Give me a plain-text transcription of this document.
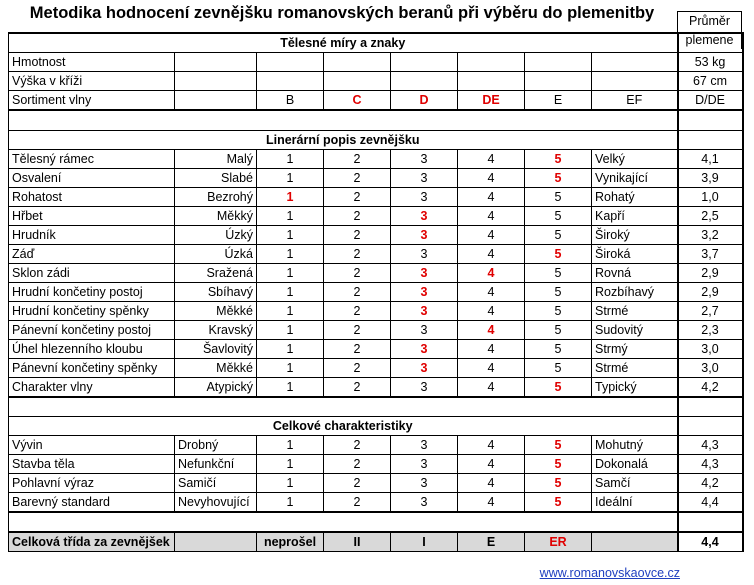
Metodika hodnocení zevnějšku romanovských beranů při výběru do plemenitby	Průměr
plemene
Tělesné míry a znaky								
Hmotnost								53 kg
Výška v kříži								67 cm
Sortiment vlny		B	C	D	DE	E	EF	D/DE

Linerární popis zevnějšku								
Tělesný rámec	Malý	1	2	3	4	5	Velký	4,1
Osvalení	Slabé	1	2	3	4	5	Vynikající	3,9
Rohatost	Bezrohý	1	2	3	4	5	Rohatý	1,0
Hřbet	Měkký	1	2	3	4	5	Kapří	2,5
Hrudník	Úzký	1	2	3	4	5	Široký	3,2
Záď	Úzká	1	2	3	4	5	Široká	3,7
Sklon zádi	Sražená	1	2	3	4	5	Rovná	2,9
Hrudní končetiny postoj	Sbíhavý	1	2	3	4	5	Rozbíhavý	2,9
Hrudní končetiny spěnky	Měkké	1	2	3	4	5	Strmé	2,7
Pánevní končetiny postoj	Kravský	1	2	3	4	5	Sudovitý	2,3
Úhel hlezenního kloubu	Šavlovitý	1	2	3	4	5	Strmý	3,0
Pánevní končetiny spěnky	Měkké	1	2	3	4	5	Strmé	3,0
Charakter vlny	Atypický	1	2	3	4	5	Typický	4,2

Celkové charakteristiky								
Vývin	Drobný	1	2	3	4	5	Mohutný	4,3
Stavba těla	Nefunkční	1	2	3	4	5	Dokonalá	4,3
Pohlavní výraz	Samičí	1	2	3	4	5	Samčí	4,2
Barevný standard	Nevyhovující	1	2	3	4	5	Ideální	4,4

Celková třída za zevnějšek		neprošel	II	I	E	ER		4,4
www.romanovskaovce.cz
